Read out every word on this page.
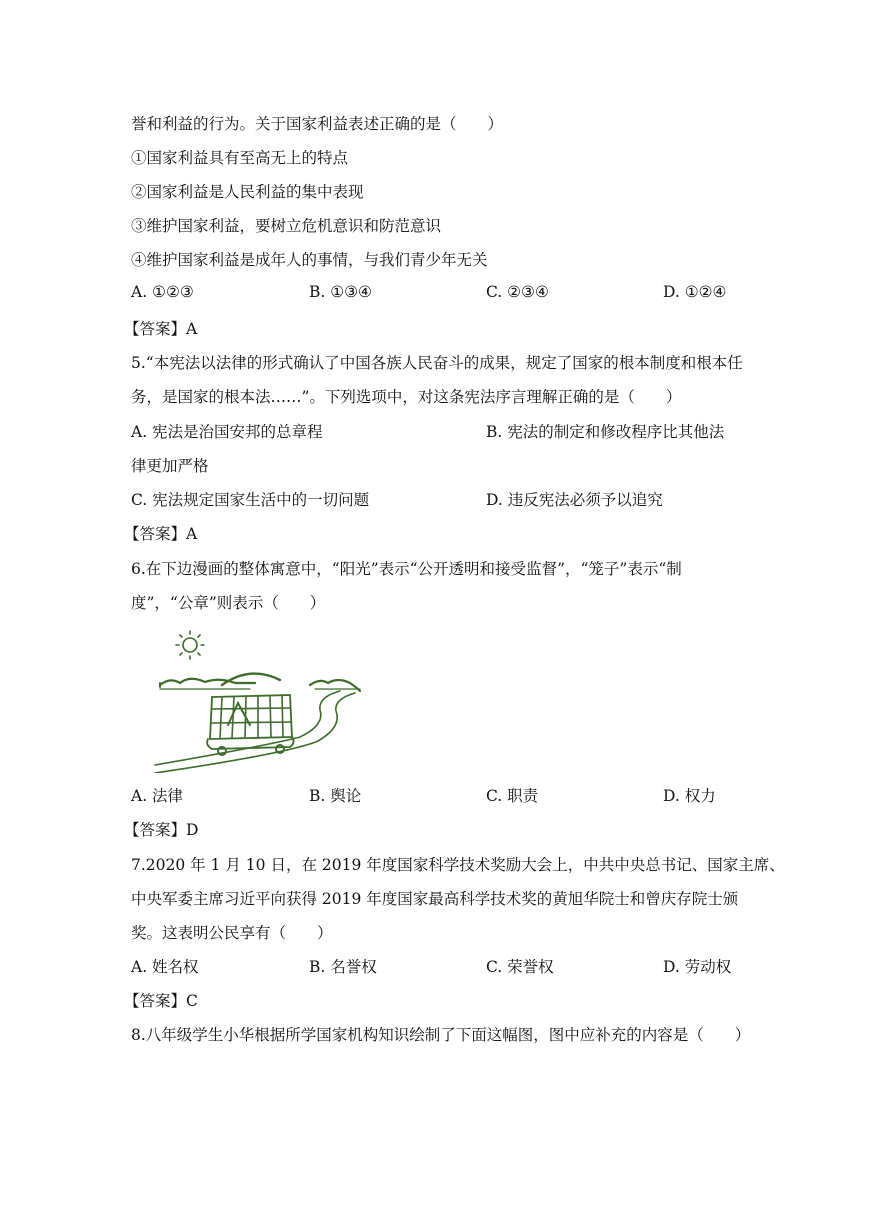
誉和利益的行为。关于国家利益表述正确的是（　　）
①国家利益具有至高无上的特点
②国家利益是人民利益的集中表现
③维护国家利益，要树立危机意识和防范意识
④维护国家利益是成年人的事情，与我们青少年无关
A. ①②③	B. ①③④	C. ②③④	D. ①②④
【答案】A
5.“本宪法以法律的形式确认了中国各族人民奋斗的成果，规定了国家的根本制度和根本任
务，是国家的根本法……”。下列选项中，对这条宪法序言理解正确的是（　　）
A. 宪法是治国安邦的总章程	B. 宪法的制定和修改程序比其他法
律更加严格
C. 宪法规定国家生活中的一切问题	D. 违反宪法必须予以追究
【答案】A
6.在下边漫画的整体寓意中，“阳光”表示“公开透明和接受监督”，“笼子”表示“制
度”，“公章”则表示（　　）
A. 法律	B. 舆论	C. 职责	D. 权力
【答案】D
7.2020 年 1 月 10 日，在 2019 年度国家科学技术奖励大会上，中共中央总书记、国家主席、
中央军委主席习近平向获得 2019 年度国家最高科学技术奖的黄旭华院士和曾庆存院士颁
奖。这表明公民享有（　　）
A. 姓名权	B. 名誉权	C. 荣誉权	D. 劳动权
【答案】C
8.八年级学生小华根据所学国家机构知识绘制了下面这幅图，图中应补充的内容是（　　）
